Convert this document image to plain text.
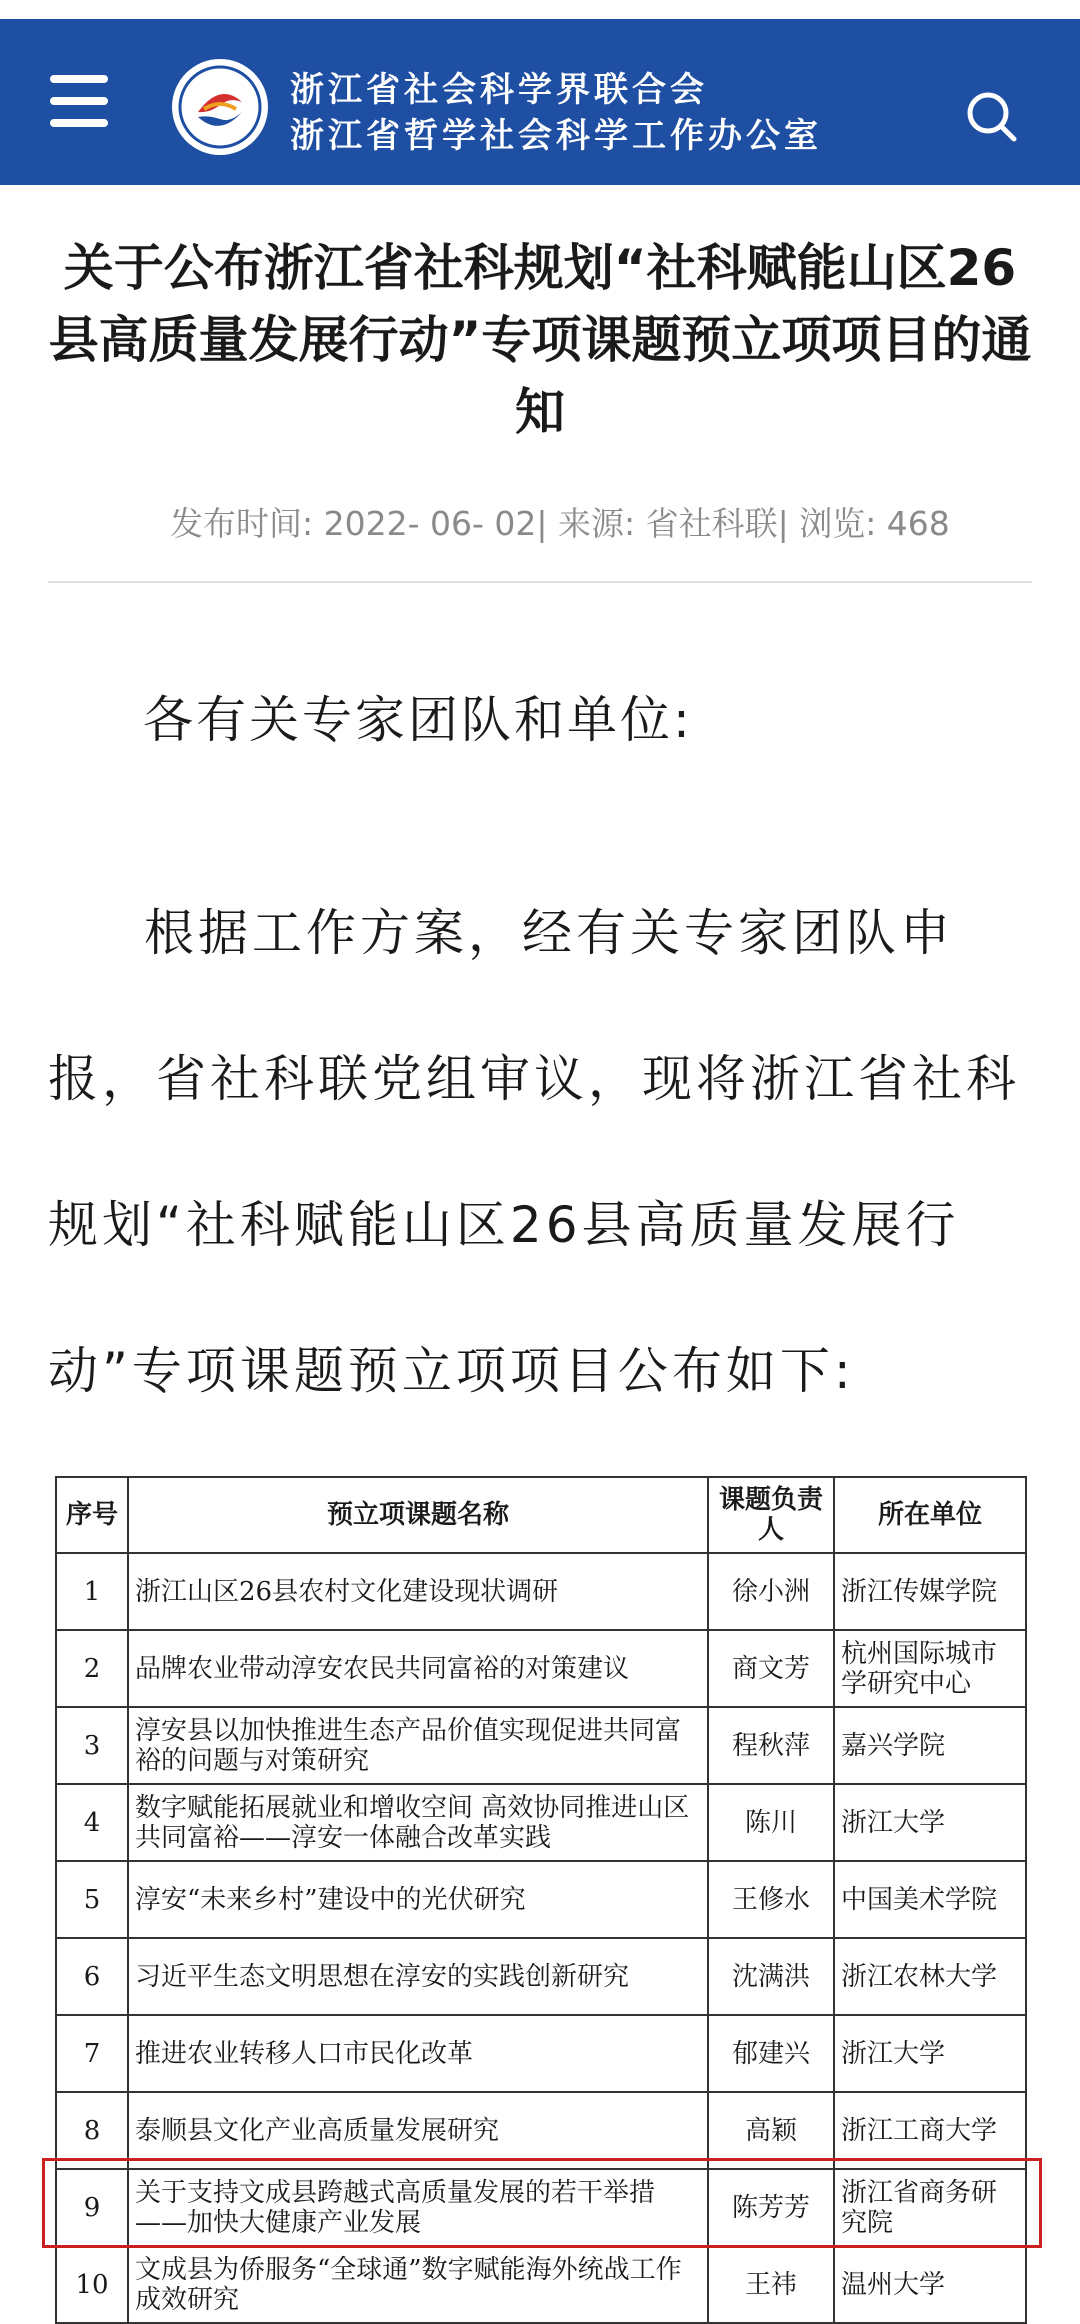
浙江省社会科学界联合会
浙江省哲学社会科学工作办公室
关于公布浙江省社科规划“社科赋能山区26县高质量发展行动”专项课题预立项项目的通知
发布时间: 2022- 06- 02| 来源: 省社科联| 浏览: 468
各有关专家团队和单位:
根据工作方案，经有关专家团队申报，省社科联党组审议，现将浙江省社科规划“社科赋能山区26县高质量发展行动”专项课题预立项项目公布如下:
序号	预立项课题名称	课题负责人	所在单位
1	浙江山区26县农村文化建设现状调研	徐小洲	浙江传媒学院
2	品牌农业带动淳安农民共同富裕的对策建议	商文芳	杭州国际城市学研究中心
3	淳安县以加快推进生态产品价值实现促进共同富裕的问题与对策研究	程秋萍	嘉兴学院
4	数字赋能拓展就业和增收空间 高效协同推进山区共同富裕——淳安一体融合改革实践	陈川	浙江大学
5	淳安“未来乡村”建设中的光伏研究	王修水	中国美术学院
6	习近平生态文明思想在淳安的实践创新研究	沈满洪	浙江农林大学
7	推进农业转移人口市民化改革	郁建兴	浙江大学
8	泰顺县文化产业高质量发展研究	高颖	浙江工商大学
9	关于支持文成县跨越式高质量发展的若干举措——加快大健康产业发展	陈芳芳	浙江省商务研究院
10	文成县为侨服务“全球通”数字赋能海外统战工作成效研究	王祎	温州大学
